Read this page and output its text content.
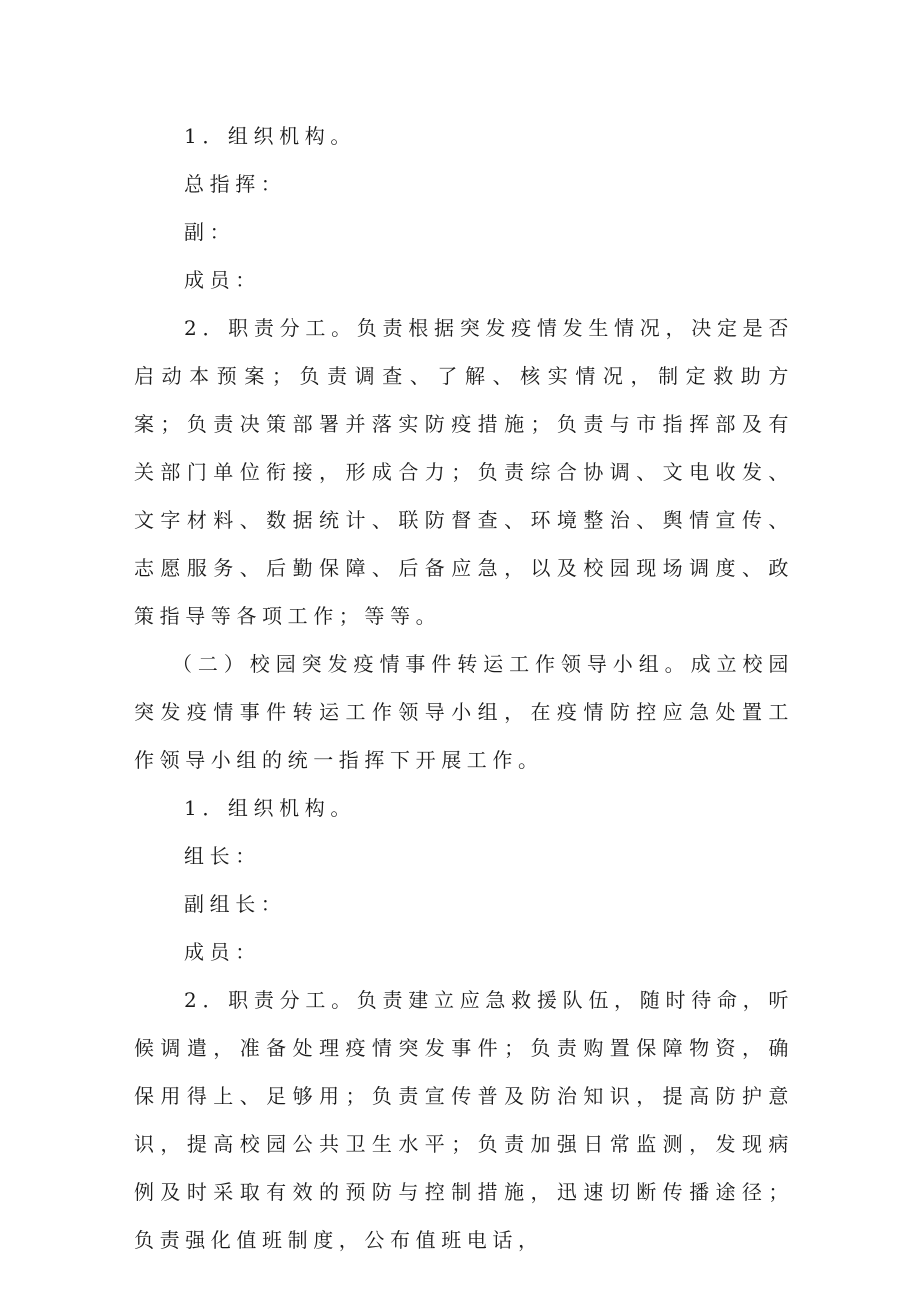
1．组织机构。

总指挥：

副：

成员：

2．职责分工。负责根据突发疫情发生情况，决定是否启动本预案；负责调查、了解、核实情况，制定救助方案；负责决策部署并落实防疫措施；负责与市指挥部及有关部门单位衔接，形成合力；负责综合协调、文电收发、文字材料、数据统计、联防督查、环境整治、舆情宣传、志愿服务、后勤保障、后备应急，以及校园现场调度、政策指导等各项工作；等等。

（二）校园突发疫情事件转运工作领导小组。成立校园突发疫情事件转运工作领导小组，在疫情防控应急处置工作领导小组的统一指挥下开展工作。

1．组织机构。

组长：

副组长：

成员：

2．职责分工。负责建立应急救援队伍，随时待命，听候调遣，准备处理疫情突发事件；负责购置保障物资，确保用得上、足够用；负责宣传普及防治知识，提高防护意识，提高校园公共卫生水平；负责加强日常监测，发现病例及时采取有效的预防与控制措施，迅速切断传播途径；负责强化值班制度，公布值班电话，
